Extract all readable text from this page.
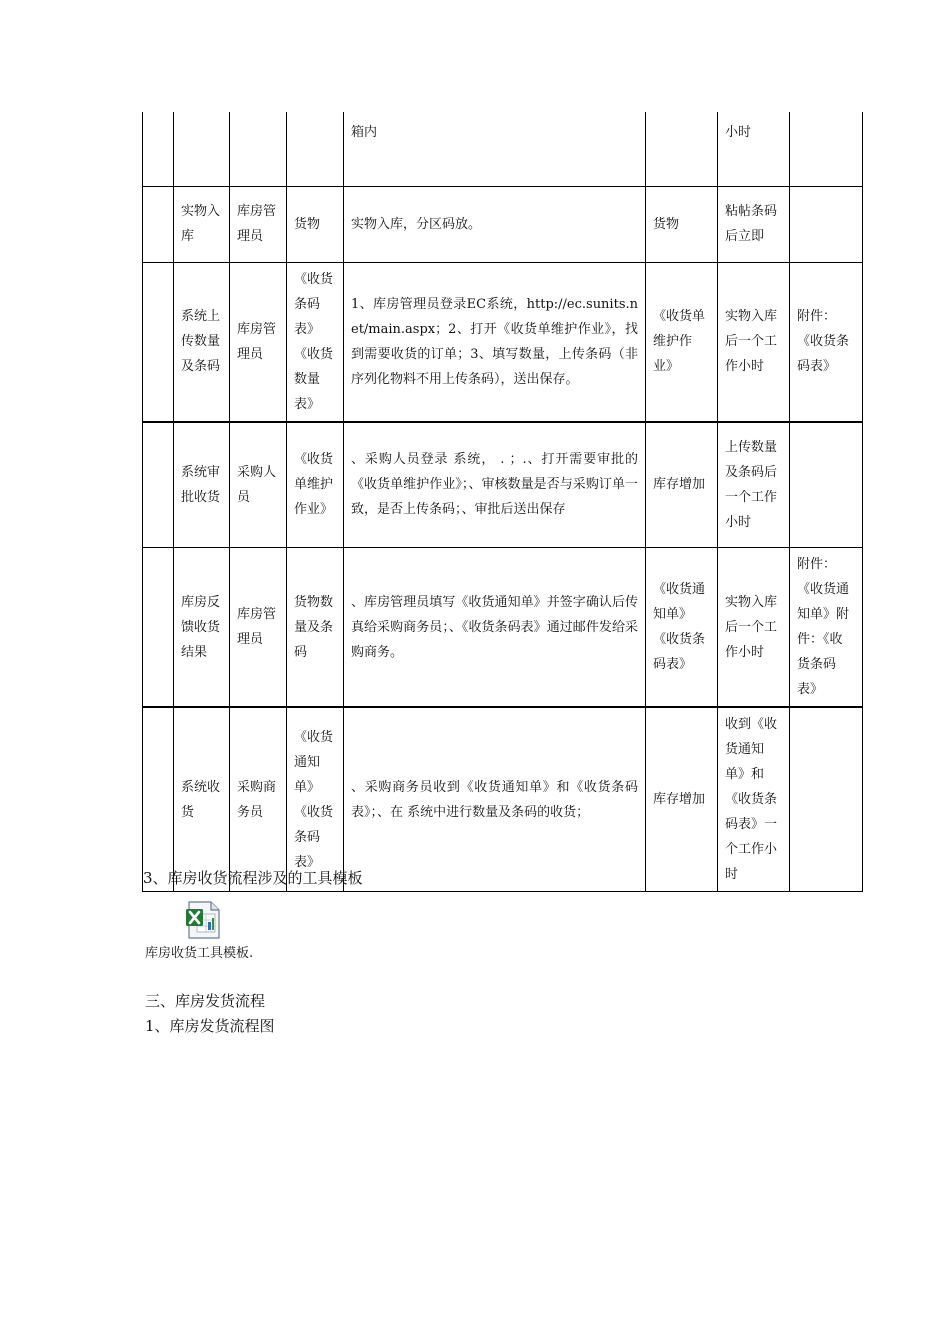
				箱内		小时	
	实物入库	库房管理员	货物	实物入库，分区码放。	货物	粘帖条码后立即	
	系统上传数量及条码	库房管理员	《收货条码表》《收货数量表》	1、库房管理员登录EC系统，http://ec.sunits.net/main.aspx；2、打开《收货单维护作业》，找到需要收货的订单；3、填写数量，上传条码（非序列化物料不用上传条码），送出保存。	《收货单维护作业》	实物入库后一个工作小时	附件：《收货条码表》
	系统审批收货	采购人员	《收货单维护作业》	、采购人员登录 系统， . ；.、打开需要审批的《收货单维护作业》；、审核数量是否与采购订单一致，是否上传条码；、审批后送出保存	库存增加	上传数量及条码后一个工作小时	
	库房反馈收货结果	库房管理员	货物数量及条码	、库房管理员填写《收货通知单》并签字确认后传真给采购商务员；、《收货条码表》通过邮件发给采购商务。	《收货通知单》《收货条码表》	实物入库后一个工作小时	附件：《收货通知单》附件：《收货条码表》
	系统收货	采购商务员	《收货通知单》《收货条码表》	、采购商务员收到《收货通知单》和《收货条码表》；、在 系统中进行数量及条码的收货；	库存增加	收到《收货通知单》和《收货条码表》一个工作小时	
3、库房收货流程涉及的工具模板
库房收货工具模板.
三、库房发货流程
1、库房发货流程图
